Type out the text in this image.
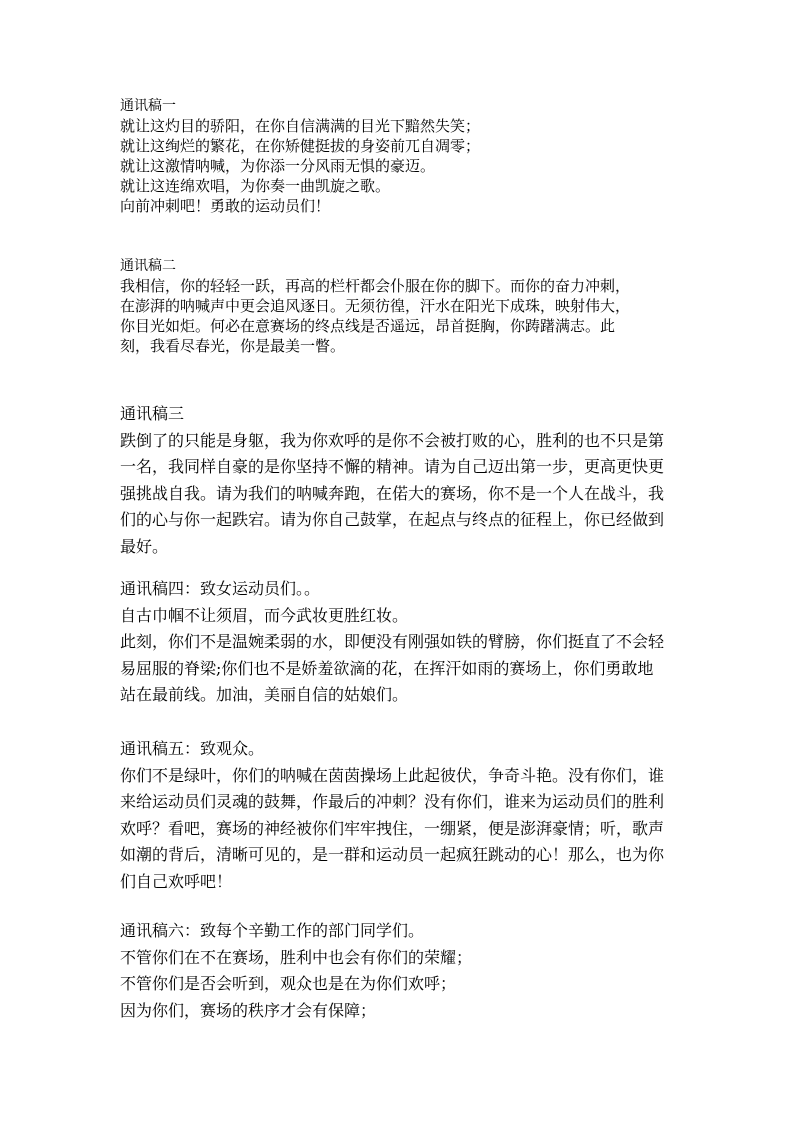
通讯稿一

就让这灼目的骄阳，在你自信满满的目光下黯然失笑；

就让这绚烂的繁花，在你矫健挺拔的身姿前兀自凋零；

就让这激情呐喊，为你添一分风雨无惧的豪迈。

就让这连绵欢唱，为你奏一曲凯旋之歌。

向前冲刺吧！勇敢的运动员们！

通讯稿二

我相信，你的轻轻一跃，再高的栏杆都会仆服在你的脚下。而你的奋力冲刺，

在澎湃的呐喊声中更会追风逐日。无须彷徨，汗水在阳光下成珠，映射伟大，

你目光如炬。何必在意赛场的终点线是否遥远，昂首挺胸，你踌躇满志。此

刻，我看尽春光，你是最美一瞥。

通讯稿三

跌倒了的只能是身躯，我为你欢呼的是你不会被打败的心，胜利的也不只是第

一名，我同样自豪的是你坚持不懈的精神。请为自己迈出第一步，更高更快更

强挑战自我。请为我们的呐喊奔跑，在偌大的赛场，你不是一个人在战斗，我

们的心与你一起跌宕。请为你自己鼓掌，在起点与终点的征程上，你已经做到

最好。

通讯稿四：致女运动员们。。

自古巾帼不让须眉，而今武妆更胜红妆。

此刻，你们不是温婉柔弱的水，即便没有刚强如铁的臂膀，你们挺直了不会轻

易屈服的脊梁;你们也不是娇羞欲滴的花，在挥汗如雨的赛场上，你们勇敢地

站在最前线。加油，美丽自信的姑娘们。

通讯稿五：致观众。

你们不是绿叶，你们的呐喊在茵茵操场上此起彼伏，争奇斗艳。没有你们，谁

来给运动员们灵魂的鼓舞，作最后的冲刺？没有你们，谁来为运动员们的胜利

欢呼？看吧，赛场的神经被你们牢牢拽住，一绷紧，便是澎湃豪情；听，歌声

如潮的背后，清晰可见的，是一群和运动员一起疯狂跳动的心！那么，也为你

们自己欢呼吧！

通讯稿六：致每个辛勤工作的部门同学们。

不管你们在不在赛场，胜利中也会有你们的荣耀；

不管你们是否会听到，观众也是在为你们欢呼；

因为你们，赛场的秩序才会有保障；
